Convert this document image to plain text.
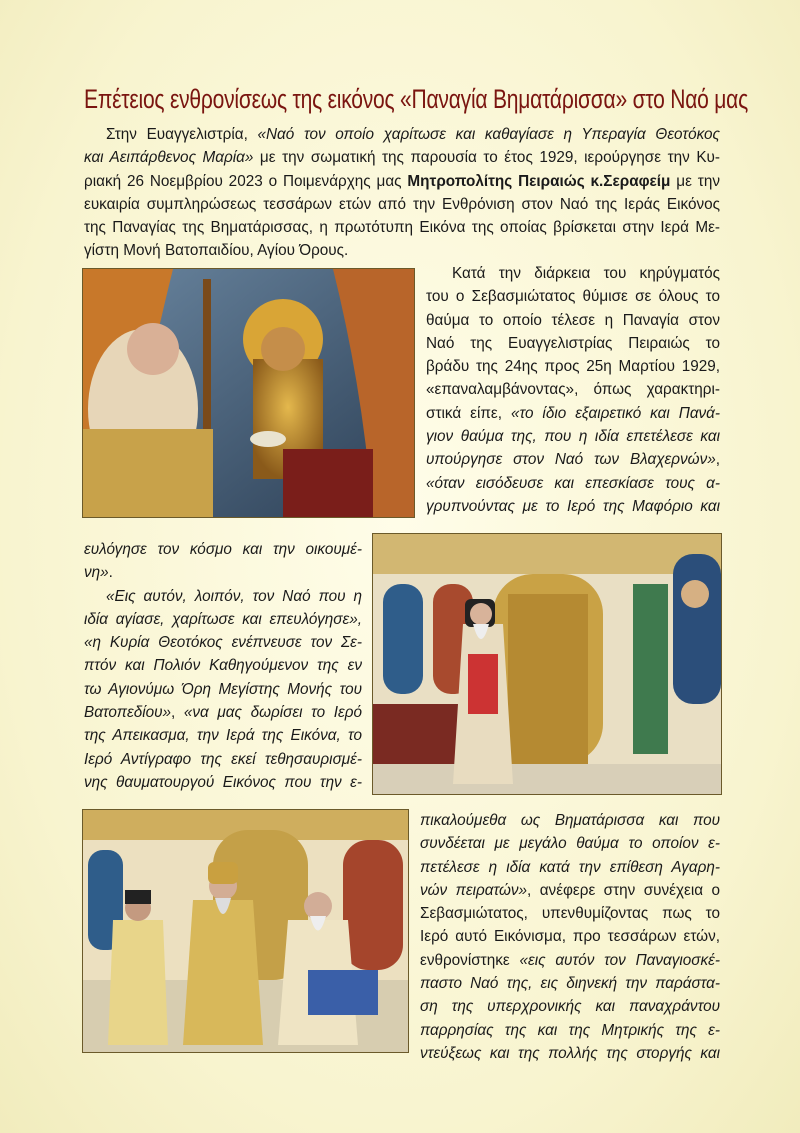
Επέτειος ενθρονίσεως της εικόνος «Παναγία Βηματάρισσα» στο Ναό μας
Στην Ευαγγελιστρία, «Ναό τον οποίο χαρίτωσε και καθαγίασε η Υπεραγία Θεοτόκος
και Αειπάρθενος Μαρία» με την σωματική της παρουσία το έτος 1929, ιερούργησε την Κυ-
ριακή 26 Νοεμβρίου 2023 ο Ποιμενάρχης μας Μητροπολίτης Πειραιώς κ.Σεραφείμ με την
ευκαιρία συμπληρώσεως τεσσάρων ετών από την Ενθρόνιση στον Ναό της Ιεράς Εικόνος
της Παναγίας της Βηματάρισσας, η πρωτότυπη Εικόνα της οποίας βρίσκεται στην Ιερά Με-
γίστη Μονή Βατοπαιδίου, Αγίου Όρους.
Κατά την διάρκεια του κηρύγματός
του ο Σεβασμιώτατος θύμισε σε όλους το
θαύμα το οποίο τέλεσε η Παναγία στον
Ναό της Ευαγγελιστρίας Πειραιώς το
βράδυ της 24ης προς 25η Μαρτίου 1929,
«επαναλαμβάνοντας», όπως χαρακτηρι-
στικά είπε, «το ίδιο εξαιρετικό και Πανά-
γιον θαύμα της, που η ιδία επετέλεσε και
υπούργησε στον Ναό των Βλαχερνών»,
«όταν εισόδευσε και επεσκίασε τους α-
γρυπνούντας με το Ιερό της Μαφόριο και
ευλόγησε τον κόσμο και την οικουμέ-
νη».
«Εις αυτόν, λοιπόν, τον Ναό που η
ιδία αγίασε, χαρίτωσε και επευλόγησε»,
«η Κυρία Θεοτόκος ενέπνευσε τον Σε-
πτόν και Πολιόν Καθηγούμενον της εν
τω Αγιονύμω Όρη Μεγίστης Μονής του
Βατοπεδίου», «να μας δωρίσει το Ιερό
της Απεικασμα, την Ιερά της Εικόνα, το
Ιερό Αντίγραφο της εκεί τεθησαυρισμέ-
νης θαυματουργού Εικόνος που την ε-
πικαλούμεθα ως Βηματάρισσα και που
συνδέεται με μεγάλο θαύμα το οποίον ε-
πετέλεσε η ιδία κατά την επίθεση Αγαρη-
νών πειρατών», ανέφερε στην συνέχεια ο
Σεβασμιώτατος, υπενθυμίζοντας πως το
Ιερό αυτό Εικόνισμα, προ τεσσάρων ετών,
ενθρονίστηκε «εις αυτόν τον Παναγιοσκέ-
παστο Ναό της, εις διηνεκή την παράστα-
ση της υπερχρονικής και παναχράντου
παρρησίας της και της Μητρικής της ε-
ντεύξεως και της πολλής της στοργής και
